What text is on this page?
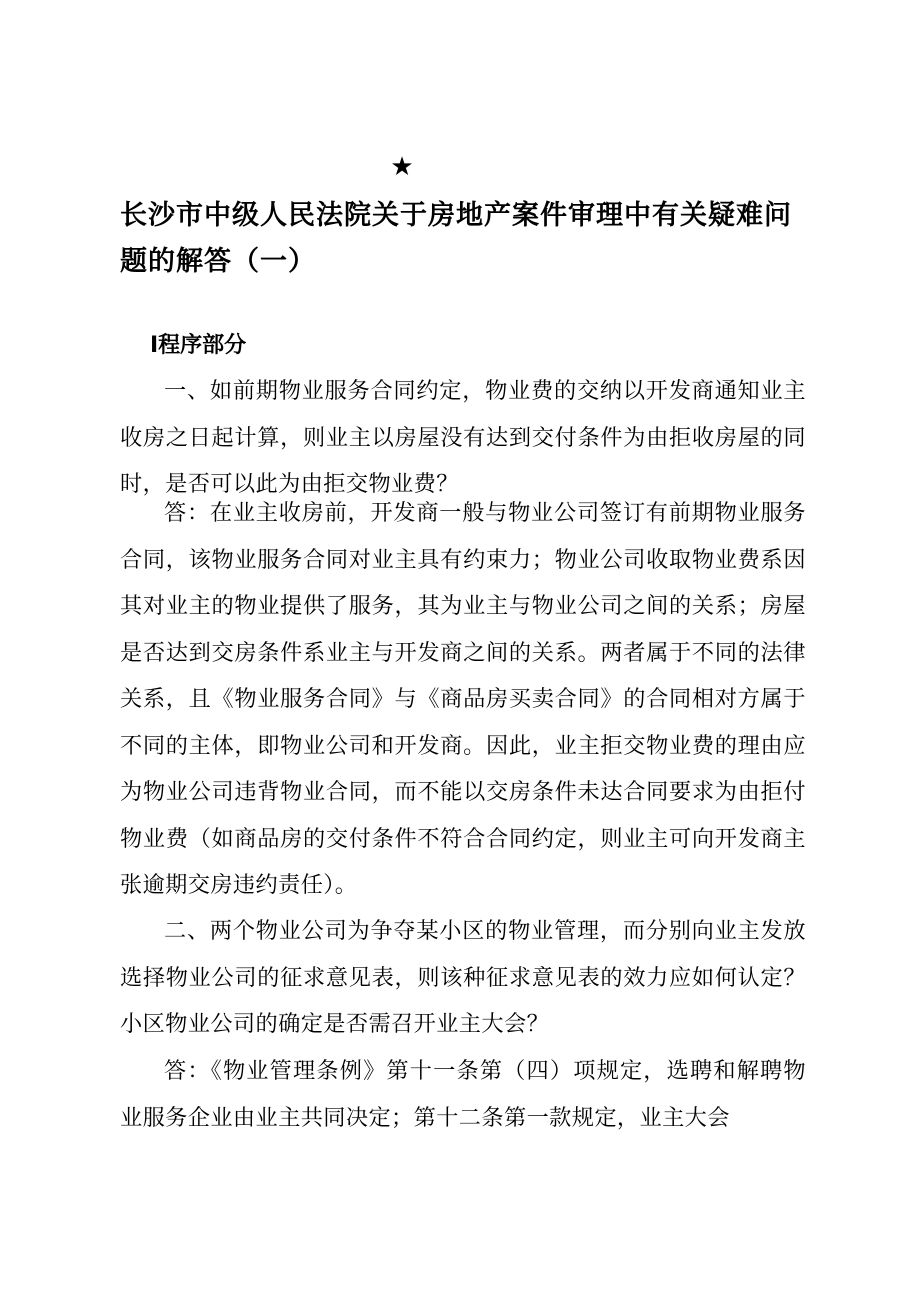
★
长沙市中级人民法院关于房地产案件审理中有关疑难问题的解答（一）
Ⅰ程序部分

一、如前期物业服务合同约定，物业费的交纳以开发商通知业主收房之日起计算，则业主以房屋没有达到交付条件为由拒收房屋的同时，是否可以此为由拒交物业费？

答：在业主收房前，开发商一般与物业公司签订有前期物业服务合同，该物业服务合同对业主具有约束力；物业公司收取物业费系因其对业主的物业提供了服务，其为业主与物业公司之间的关系；房屋是否达到交房条件系业主与开发商之间的关系。两者属于不同的法律关系，且《物业服务合同》与《商品房买卖合同》的合同相对方属于不同的主体，即物业公司和开发商。因此，业主拒交物业费的理由应为物业公司违背物业合同，而不能以交房条件未达合同要求为由拒付物业费（如商品房的交付条件不符合合同约定，则业主可向开发商主张逾期交房违约责任）。

二、两个物业公司为争夺某小区的物业管理，而分别向业主发放选择物业公司的征求意见表，则该种征求意见表的效力应如何认定？小区物业公司的确定是否需召开业主大会？

答：《物业管理条例》第十一条第（四）项规定，选聘和解聘物业服务企业由业主共同决定；第十二条第一款规定，业主大会
